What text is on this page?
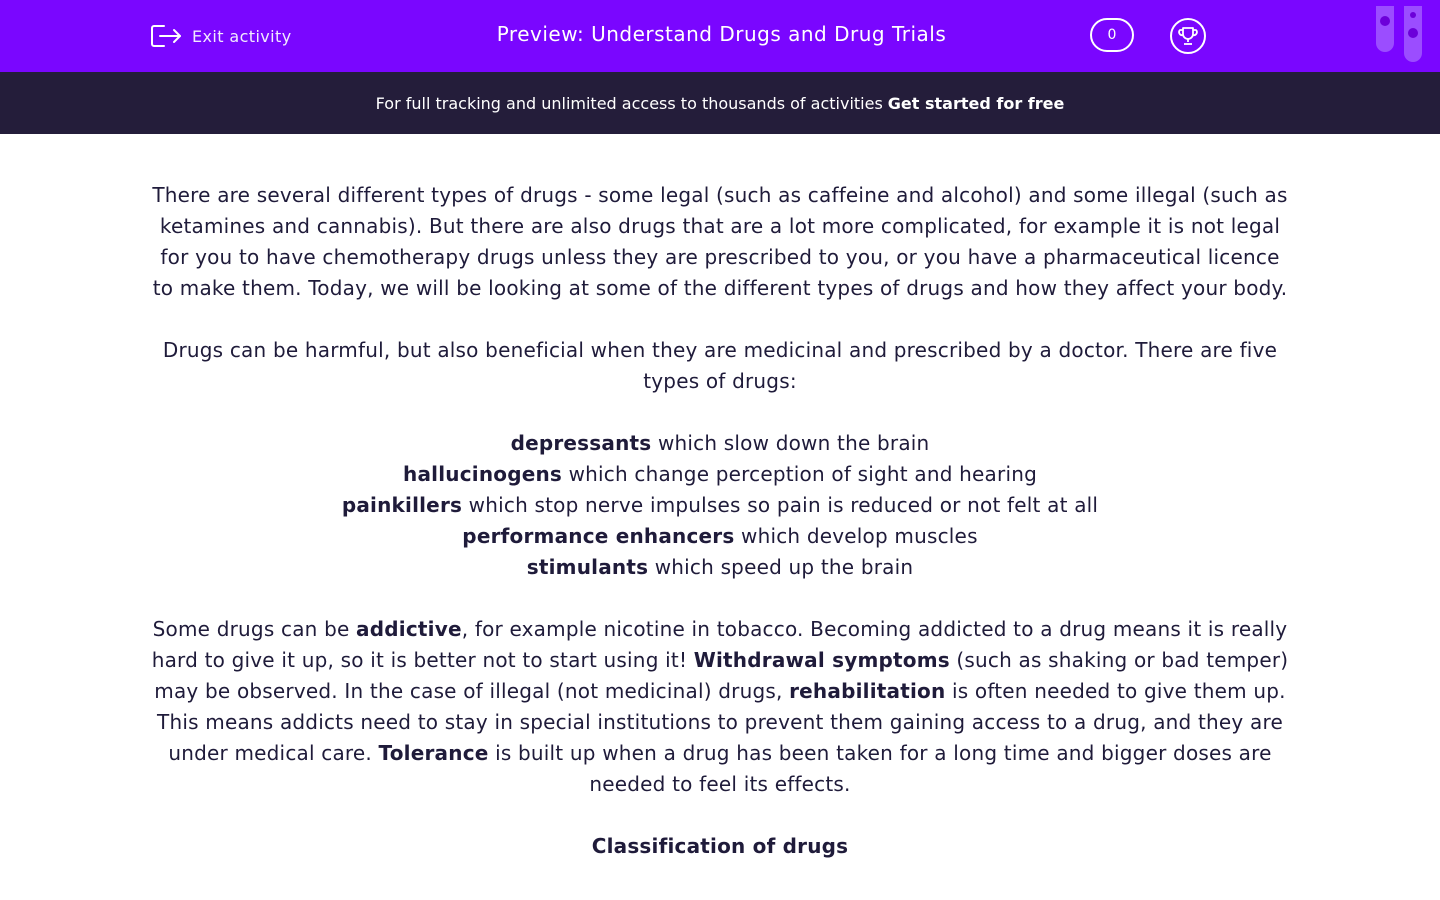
Exit activity	Preview: Understand Drugs and Drug Trials	0
For full tracking and unlimited access to thousands of activities Get started for free

There are several different types of drugs - some legal (such as caffeine and alcohol) and some illegal (such as ketamines and cannabis). But there are also drugs that are a lot more complicated, for example it is not legal for you to have chemotherapy drugs unless they are prescribed to you, or you have a pharmaceutical licence to make them. Today, we will be looking at some of the different types of drugs and how they affect your body.

Drugs can be harmful, but also beneficial when they are medicinal and prescribed by a doctor. There are five types of drugs:

depressants which slow down the brain
hallucinogens which change perception of sight and hearing
painkillers which stop nerve impulses so pain is reduced or not felt at all
performance enhancers which develop muscles
stimulants which speed up the brain

Some drugs can be addictive, for example nicotine in tobacco. Becoming addicted to a drug means it is really hard to give it up, so it is better not to start using it! Withdrawal symptoms (such as shaking or bad temper) may be observed. In the case of illegal (not medicinal) drugs, rehabilitation is often needed to give them up. This means addicts need to stay in special institutions to prevent them gaining access to a drug, and they are under medical care. Tolerance is built up when a drug has been taken for a long time and bigger doses are needed to feel its effects.

Classification of drugs
